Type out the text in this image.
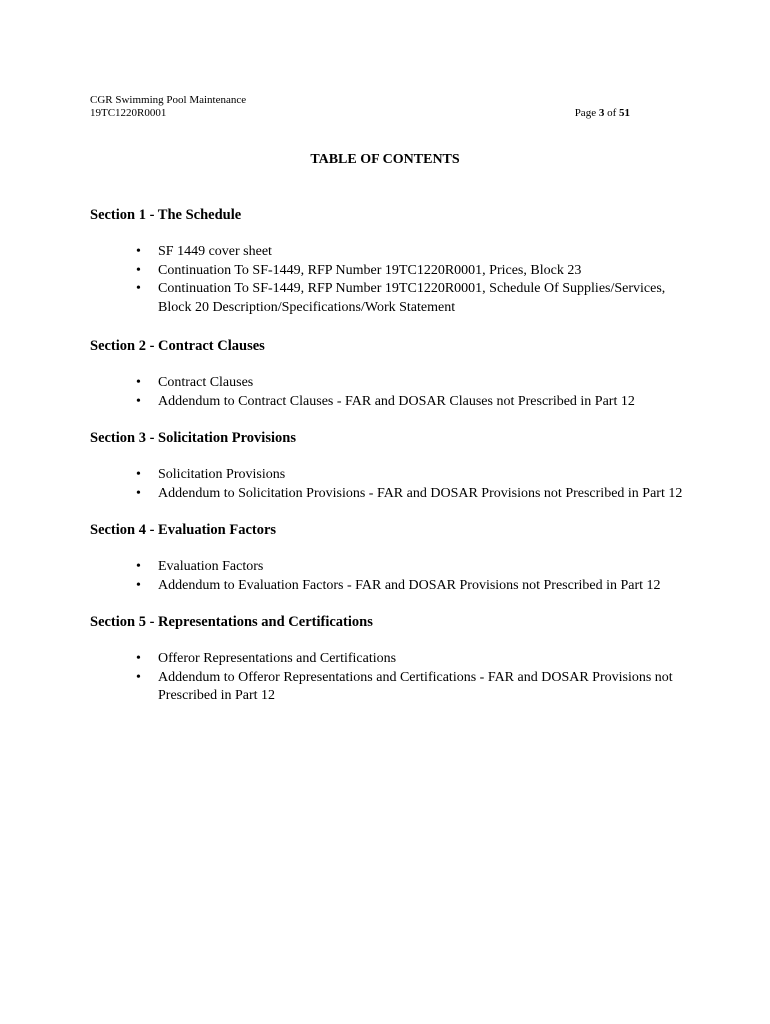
CGR Swimming Pool Maintenance
19TC1220R0001	Page 3 of 51
TABLE OF CONTENTS
Section 1 - The Schedule
• SF 1449 cover sheet
• Continuation To SF-1449, RFP Number 19TC1220R0001, Prices, Block 23
• Continuation To SF-1449, RFP Number 19TC1220R0001, Schedule Of Supplies/Services, Block 20 Description/Specifications/Work Statement
Section 2 - Contract Clauses
• Contract Clauses
• Addendum to Contract Clauses - FAR and DOSAR Clauses not Prescribed in Part 12
Section 3 - Solicitation Provisions
• Solicitation Provisions
• Addendum to Solicitation Provisions - FAR and DOSAR Provisions not Prescribed in Part 12
Section 4 - Evaluation Factors
• Evaluation Factors
• Addendum to Evaluation Factors - FAR and DOSAR Provisions not Prescribed in Part 12
Section 5 - Representations and Certifications
• Offeror Representations and Certifications
• Addendum to Offeror Representations and Certifications - FAR and DOSAR Provisions not Prescribed in Part 12
